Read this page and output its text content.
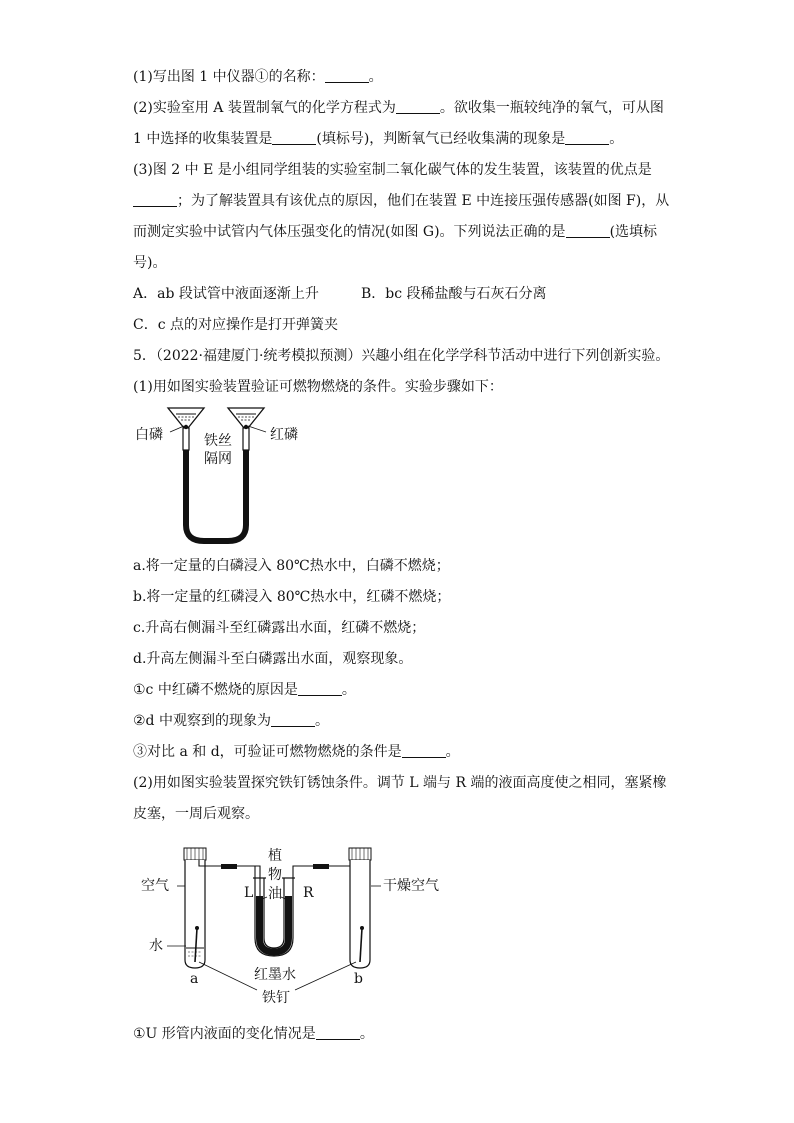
(1)写出图 1 中仪器①的名称：	。
(2)实验室用 A 装置制氧气的化学方程式为	。欲收集一瓶较纯净的氧气，可从图
1 中选择的收集装置是	(填标号)，判断氧气已经收集满的现象是	。
(3)图 2 中 E 是小组同学组装的实验室制二氧化碳气体的发生装置，该装置的优点是
；为了解装置具有该优点的原因，他们在装置 E 中连接压强传感器(如图 F)，从
而测定实验中试管内气体压强变化的情况(如图 G)。下列说法正确的是	(选填标
号)。
A．ab 段试管中液面逐渐上升	B．bc 段稀盐酸与石灰石分离
C．c 点的对应操作是打开弹簧夹
5．（2022·福建厦门·统考模拟预测）兴趣小组在化学学科节活动中进行下列创新实验。
(1)用如图实验装置验证可燃物燃烧的条件。实验步骤如下：
白磷	铁丝
隔网
红磷
a.将一定量的白磷浸入 80℃热水中，白磷不燃烧；
b.将一定量的红磷浸入 80℃热水中，红磷不燃烧；
c.升高右侧漏斗至红磷露出水面，红磷不燃烧；
d.升高左侧漏斗至白磷露出水面，观察现象。
①c 中红磷不燃烧的原因是	。
②d 中观察到的现象为	。
③对比 a 和 d，可验证可燃物燃烧的条件是	。
(2)用如图实验装置探究铁钉锈蚀条件。调节 L 端与 R 端的液面高度使之相同，塞紧橡
皮塞，一周后观察。
植
物
油
L	R
空气	干燥空气
水
红墨水
a	b
铁钉
①U 形管内液面的变化情况是	。
